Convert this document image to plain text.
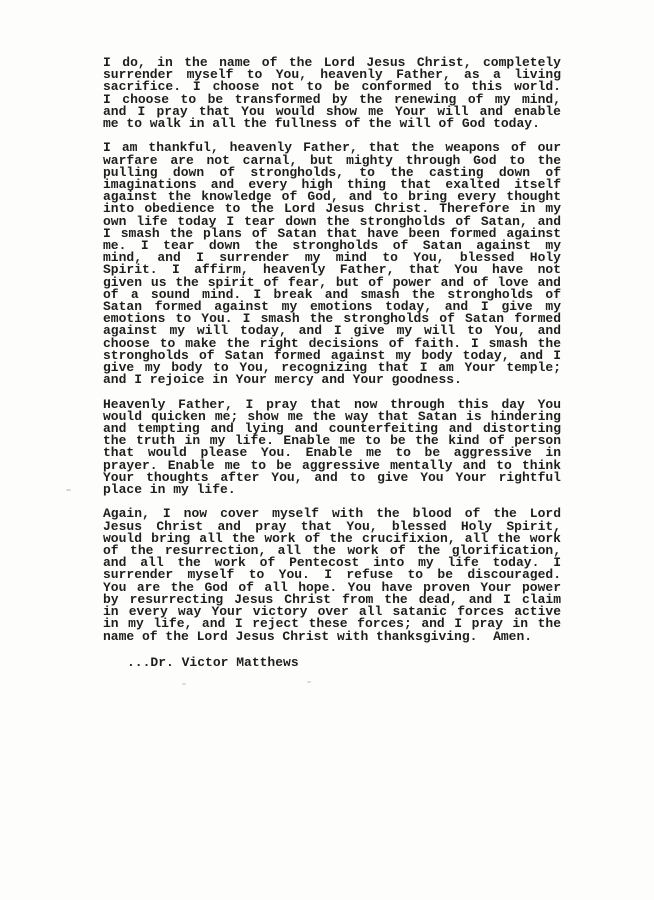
I do, in the name of the Lord Jesus Christ, completely
surrender myself to You, heavenly Father, as a living
sacrifice. I choose not to be conformed to this world.
I choose to be transformed by the renewing of my mind,
and I pray that You would show me Your will and enable
me to walk in all the fullness of the will of God today.
I am thankful, heavenly Father, that the weapons of our
warfare are not carnal, but mighty through God to the
pulling down of strongholds, to the casting down of
imaginations and every high thing that exalted itself
against the knowledge of God, and to bring every thought
into obedience to the Lord Jesus Christ. Therefore in my
own life today I tear down the strongholds of Satan, and
I smash the plans of Satan that have been formed against
me. I tear down the strongholds of Satan against my
mind, and I surrender my mind to You, blessed Holy
Spirit. I affirm, heavenly Father, that You have not
given us the spirit of fear, but of power and of love and
of a sound mind. I break and smash the strongholds of
Satan formed against my emotions today, and I give my
emotions to You. I smash the strongholds of Satan formed
against my will today, and I give my will to You, and
choose to make the right decisions of faith. I smash the
strongholds of Satan formed against my body today, and I
give my body to You, recognizing that I am Your temple;
and I rejoice in Your mercy and Your goodness.
Heavenly Father, I pray that now through this day You
would quicken me; show me the way that Satan is hindering
and tempting and lying and counterfeiting and distorting
the truth in my life. Enable me to be the kind of person
that would please You. Enable me to be aggressive in
prayer. Enable me to be aggressive mentally and to think
Your thoughts after You, and to give You Your rightful
place in my life.
Again, I now cover myself with the blood of the Lord
Jesus Christ and pray that You, blessed Holy Spirit,
would bring all the work of the crucifixion, all the work
of the resurrection, all the work of the glorification,
and all the work of Pentecost into my life today. I
surrender myself to You. I refuse to be discouraged.
You are the God of all hope. You have proven Your power
by resurrecting Jesus Christ from the dead, and I claim
in every way Your victory over all satanic forces active
in my life, and I reject these forces; and I pray in the
name of the Lord Jesus Christ with thanksgiving.  Amen.
...Dr. Victor Matthews
